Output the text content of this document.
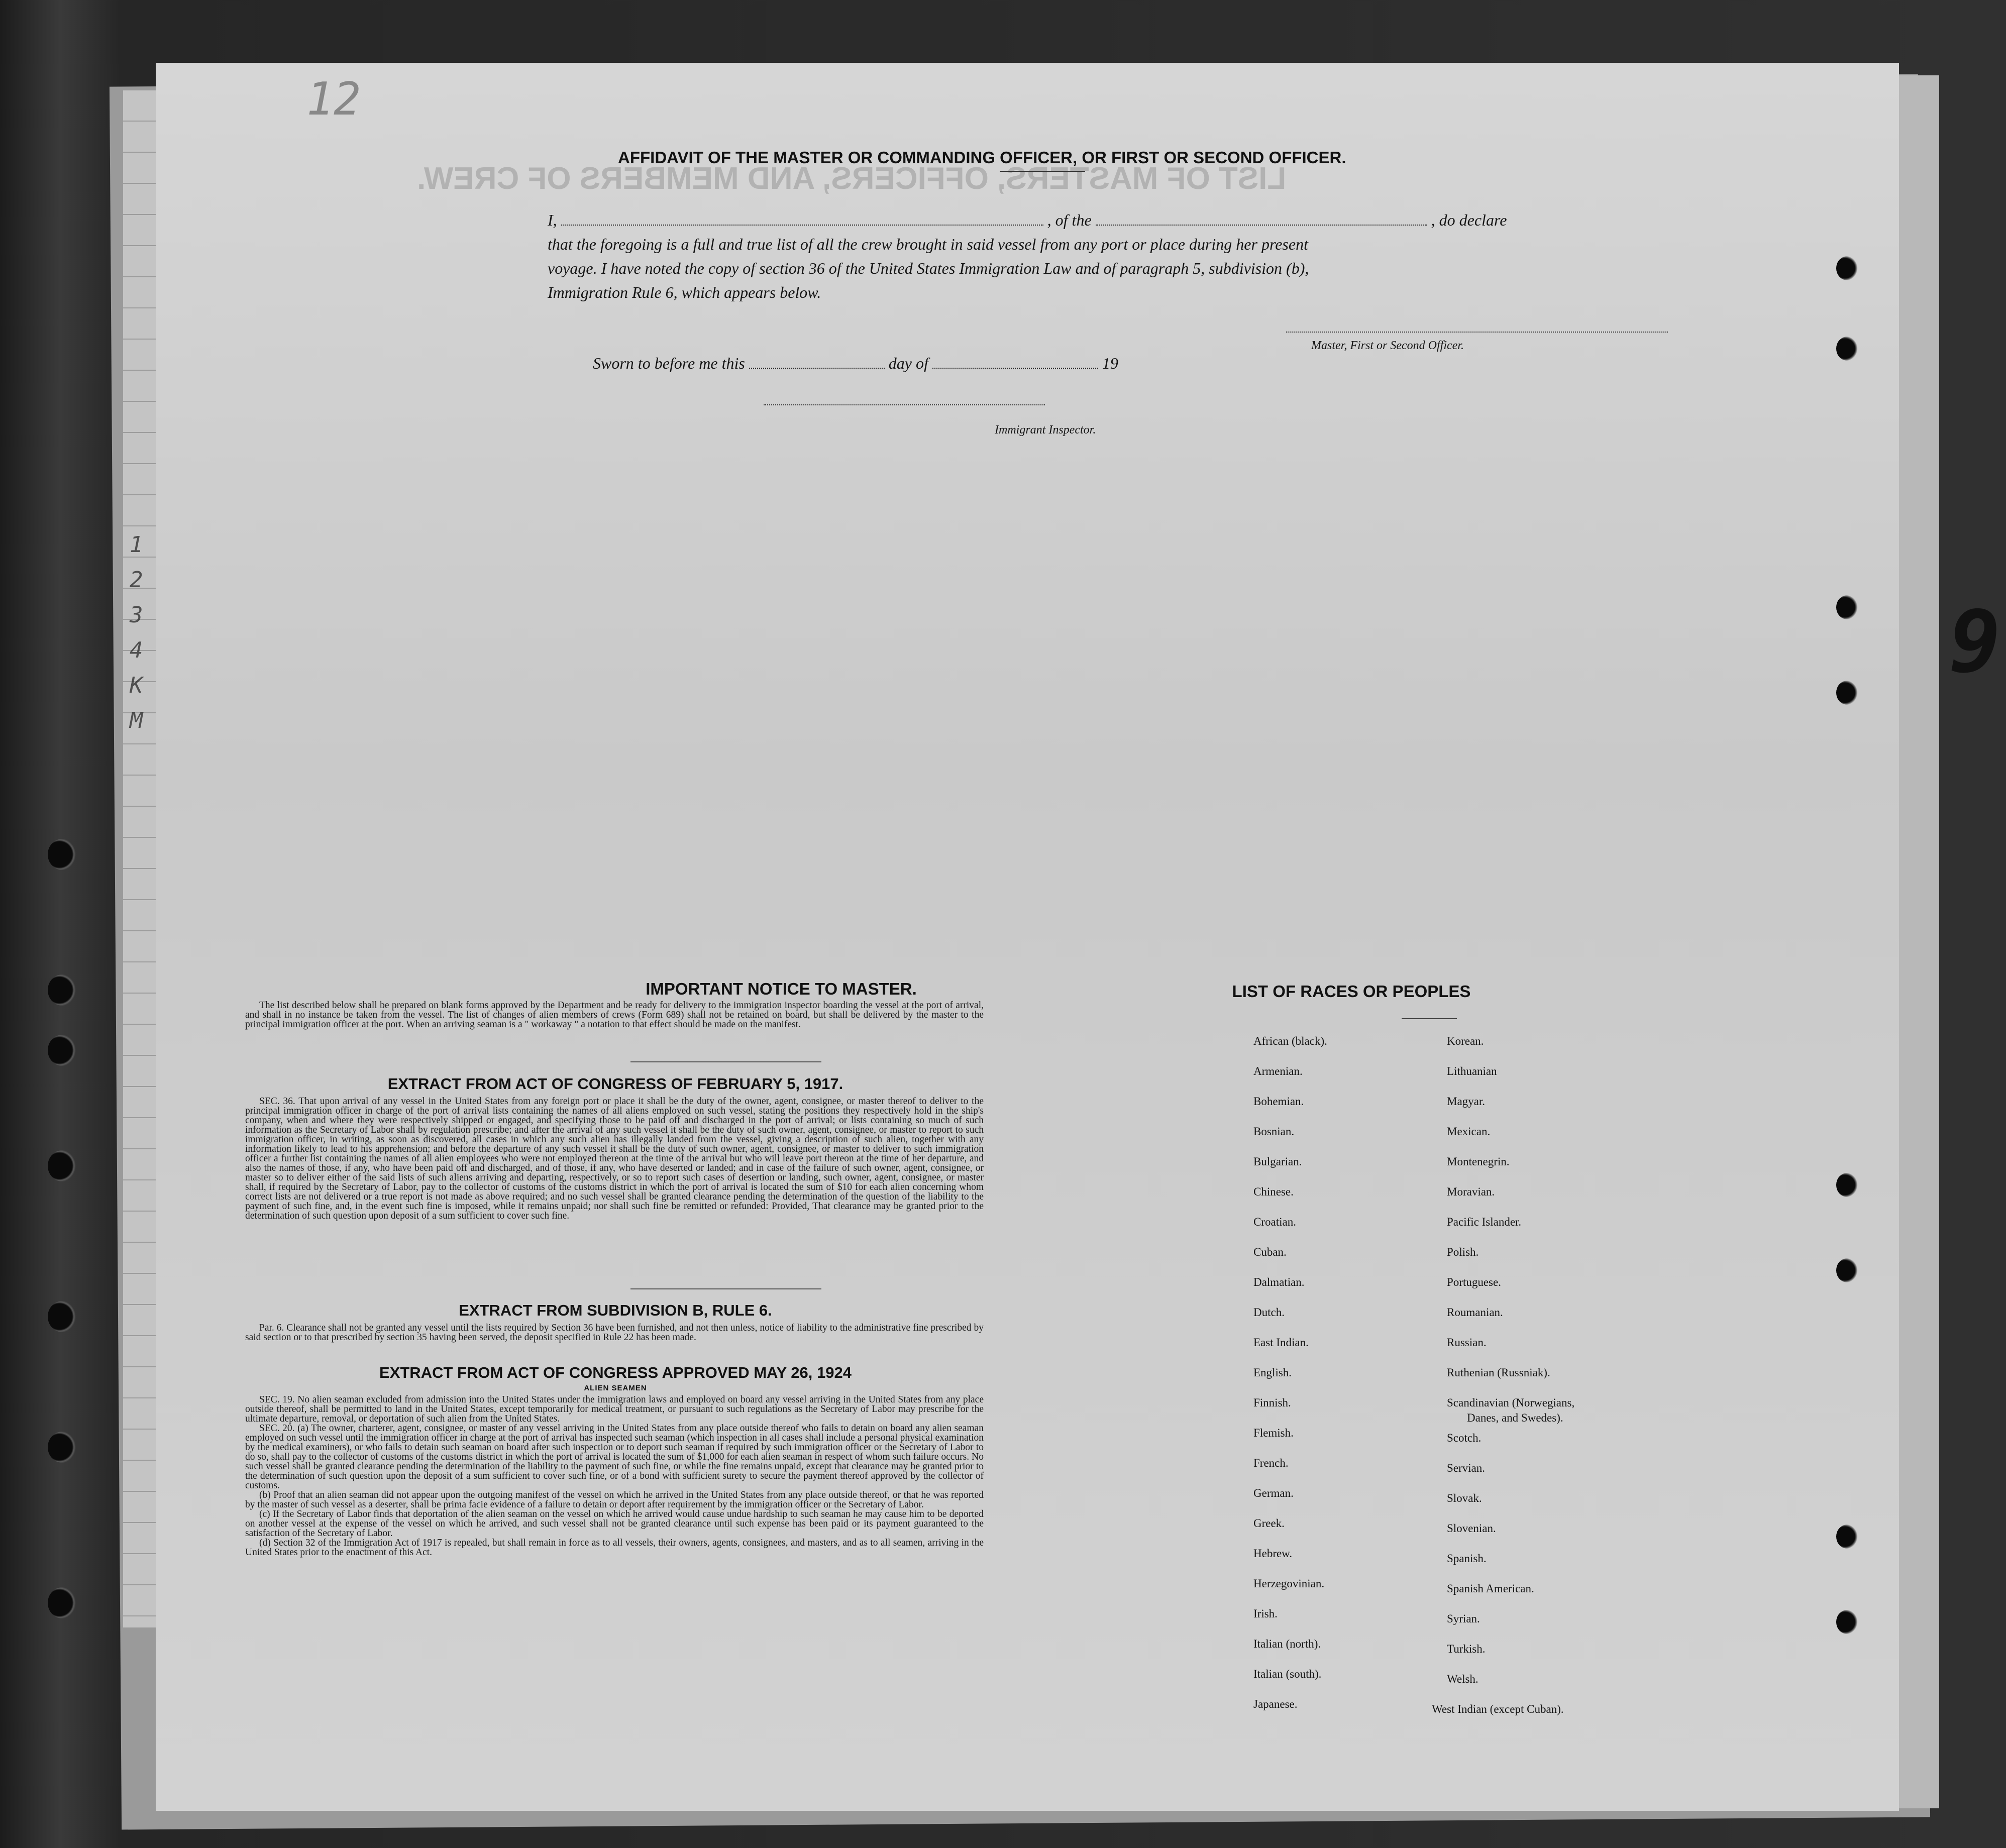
1
2
3
4
K
M
LIST OF MASTERS, OFFICERS, AND MEMBERS OF CREW.
12
AFFIDAVIT OF THE MASTER OR COMMANDING OFFICER, OR FIRST OR SECOND OFFICER.
I,	, of the	, do declare
that the foregoing is a full and true list of all the crew brought in said vessel from any port or place during her present
voyage. I have noted the copy of section 36 of the United States Immigration Law and of paragraph 5, subdivision (b),
Immigration Rule 6, which appears below.
Master, First or Second Officer.
Sworn to before me this	day of	19
Immigrant Inspector.
IMPORTANT NOTICE TO MASTER.

The list described below shall be prepared on blank forms approved by the Department and be ready for delivery to the immigration inspector boarding the vessel at the port of arrival, and shall in no instance be taken from the vessel. The list of changes of alien members of crews (Form 689) shall not be retained on board, but shall be delivered by the master to the principal immigration officer at the port. When an arriving seaman is a " workaway " a notation to that effect should be made on the manifest.

EXTRACT FROM ACT OF CONGRESS OF FEBRUARY 5, 1917.

SEC. 36. That upon arrival of any vessel in the United States from any foreign port or place it shall be the duty of the owner, agent, consignee, or master thereof to deliver to the principal immigration officer in charge of the port of arrival lists containing the names of all aliens employed on such vessel, stating the positions they respectively hold in the ship's company, when and where they were respectively shipped or engaged, and specifying those to be paid off and discharged in the port of arrival; or lists containing so much of such information as the Secretary of Labor shall by regulation prescribe; and after the arrival of any such vessel it shall be the duty of such owner, agent, consignee, or master to report to such immigration officer, in writing, as soon as discovered, all cases in which any such alien has illegally landed from the vessel, giving a description of such alien, together with any information likely to lead to his apprehension; and before the departure of any such vessel it shall be the duty of such owner, agent, consignee, or master to deliver to such immigration officer a further list containing the names of all alien employees who were not employed thereon at the time of the arrival but who will leave port thereon at the time of her departure, and also the names of those, if any, who have been paid off and discharged, and of those, if any, who have deserted or landed; and in case of the failure of such owner, agent, consignee, or master so to deliver either of the said lists of such aliens arriving and departing, respectively, or so to report such cases of desertion or landing, such owner, agent, consignee, or master shall, if required by the Secretary of Labor, pay to the collector of customs of the customs district in which the port of arrival is located the sum of $10 for each alien concerning whom correct lists are not delivered or a true report is not made as above required; and no such vessel shall be granted clearance pending the determination of the question of the liability to the payment of such fine, and, in the event such fine is imposed, while it remains unpaid; nor shall such fine be remitted or refunded: Provided, That clearance may be granted prior to the determination of such question upon deposit of a sum sufficient to cover such fine.

EXTRACT FROM SUBDIVISION B, RULE 6.

Par. 6. Clearance shall not be granted any vessel until the lists required by Section 36 have been furnished, and not then unless, notice of liability to the administrative fine prescribed by said section or to that prescribed by section 35 having been served, the deposit specified in Rule 22 has been made.

EXTRACT FROM ACT OF CONGRESS APPROVED MAY 26, 1924
ALIEN SEAMEN

SEC. 19. No alien seaman excluded from admission into the United States under the immigration laws and employed on board any vessel arriving in the United States from any place outside thereof, shall be permitted to land in the United States, except temporarily for medical treatment, or pursuant to such regulations as the Secretary of Labor may prescribe for the ultimate departure, removal, or deportation of such alien from the United States.

SEC. 20. (a) The owner, charterer, agent, consignee, or master of any vessel arriving in the United States from any place outside thereof who fails to detain on board any alien seaman employed on such vessel until the immigration officer in charge at the port of arrival has inspected such seaman (which inspection in all cases shall include a personal physical examination by the medical examiners), or who fails to detain such seaman on board after such inspection or to deport such seaman if required by such immigration officer or the Secretary of Labor to do so, shall pay to the collector of customs of the customs district in which the port of arrival is located the sum of $1,000 for each alien seaman in respect of whom such failure occurs. No such vessel shall be granted clearance pending the determination of the liability to the payment of such fine, or while the fine remains unpaid, except that clearance may be granted prior to the determination of such question upon the deposit of a sum sufficient to cover such fine, or of a bond with sufficient surety to secure the payment thereof approved by the collector of customs.

(b) Proof that an alien seaman did not appear upon the outgoing manifest of the vessel on which he arrived in the United States from any place outside thereof, or that he was reported by the master of such vessel as a deserter, shall be prima facie evidence of a failure to detain or deport after requirement by the immigration officer or the Secretary of Labor.

(c) If the Secretary of Labor finds that deportation of the alien seaman on the vessel on which he arrived would cause undue hardship to such seaman he may cause him to be deported on another vessel at the expense of the vessel on which he arrived, and such vessel shall not be granted clearance until such expense has been paid or its payment guaranteed to the satisfaction of the Secretary of Labor.

(d) Section 32 of the Immigration Act of 1917 is repealed, but shall remain in force as to all vessels, their owners, agents, consignees, and masters, and as to all seamen, arriving in the United States prior to the enactment of this Act.

LIST OF RACES OR PEOPLES
African (black).
Armenian.
Bohemian.
Bosnian.
Bulgarian.
Chinese.
Croatian.
Cuban.
Dalmatian.
Dutch.
East Indian.
English.
Finnish.
Flemish.
French.
German.
Greek.
Hebrew.
Herzegovinian.
Irish.
Italian (north).
Italian (south).
Japanese.
Korean.
Lithuanian
Magyar.
Mexican.
Montenegrin.
Moravian.
Pacific Islander.
Polish.
Portuguese.
Roumanian.
Russian.
Ruthenian (Russniak).
Scandinavian (Norwegians,
Danes, and Swedes).
Scotch.
Servian.
Slovak.
Slovenian.
Spanish.
Spanish American.
Syrian.
Turkish.
Welsh.
West Indian (except Cuban).
9
